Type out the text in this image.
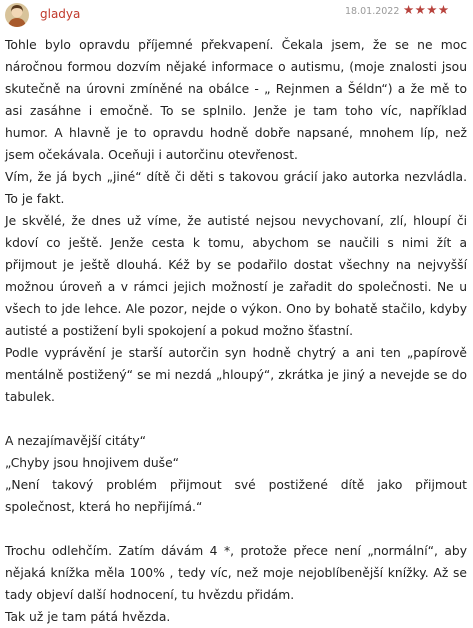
gladya	18.01.2022 ★★★★

Tohle bylo opravdu příjemné překvapení. Čekala jsem, že se ne moc náročnou formou dozvím nějaké informace o autismu, (moje znalosti jsou skutečně na úrovni zmíněné na obálce - „ Rejnmen a Šéldn“) a že mě to asi zasáhne i emočně. To se splnilo. Jenže je tam toho víc, například humor. A hlavně je to opravdu hodně dobře napsané, mnohem líp, než jsem očekávala. Oceňuji i autorčinu otevřenost.

Vím, že já bych „jiné“ dítě či děti s takovou grácií jako autorka nezvládla. To je fakt.

Je skvělé, že dnes už víme, že autisté nejsou nevychovaní, zlí, hloupí či kdoví co ještě. Jenže cesta k tomu, abychom se naučili s nimi žít a přijmout je ještě dlouhá. Kéž by se podařilo dostat všechny na nejvyšší možnou úroveň a v rámci jejich možností je zařadit do společnosti. Ne u všech to jde lehce. Ale pozor, nejde o výkon. Ono by bohatě stačilo, kdyby autisté a postižení byli spokojení a pokud možno šťastní.

Podle vyprávění je starší autorčin syn hodně chytrý a ani ten „papírově mentálně postižený“ se mi nezdá „hloupý“, zkrátka je jiný a nevejde se do tabulek.

A nezajímavější citáty“

„Chyby jsou hnojivem duše“

„Není takový problém přijmout své postižené dítě jako přijmout společnost, která ho nepřijímá.“

Trochu odlehčím. Zatím dávám 4 *, protože přece není „normální“, aby nějaká knížka měla 100% , tedy víc, než moje nejoblíbenější knížky. Až se tady objeví další hodnocení, tu hvězdu přidám.

Tak už je tam pátá hvězda.
